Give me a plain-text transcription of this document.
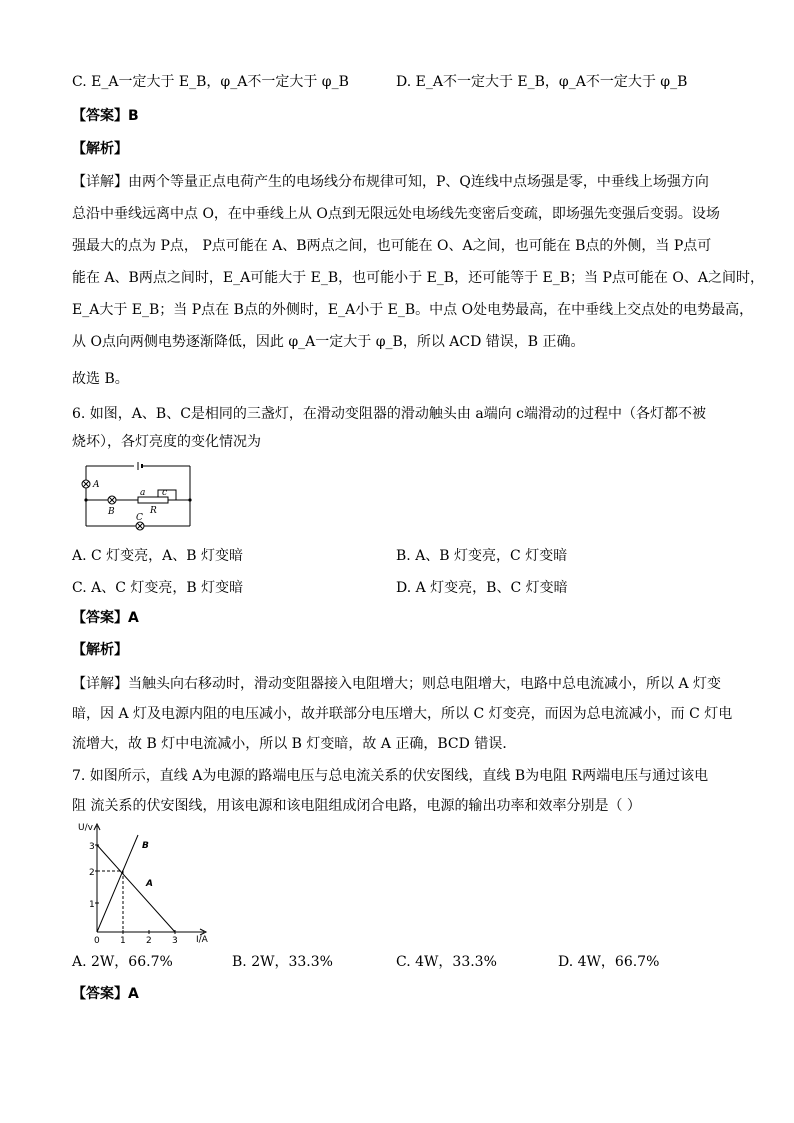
C. E_A一定大于 E_B，φ_A不一定大于 φ_B	D. E_A不一定大于 E_B，φ_A不一定大于 φ_B
【答案】B
【解析】
【详解】由两个等量正点电荷产生的电场线分布规律可知，P、Q连线中点场强是零，中垂线上场强方向
总沿中垂线远离中点 O，在中垂线上从 O点到无限远处电场线先变密后变疏，即场强先变强后变弱。设场
强最大的点为 P点， P点可能在 A、B两点之间，也可能在 O、A之间，也可能在 B点的外侧，当 P点可
能在 A、B两点之间时，E_A可能大于 E_B，也可能小于 E_B，还可能等于 E_B；当 P点可能在 O、A之间时，
E_A大于 E_B；当 P点在 B点的外侧时，E_A小于 E_B。中点 O处电势最高，在中垂线上交点处的电势最高，
从 O点向两侧电势逐渐降低，因此 φ_A一定大于 φ_B，所以 ACD 错误，B 正确。
故选 B。
6. 如图，A、B、C是相同的三盏灯，在滑动变阻器的滑动触头由 a端向 c端滑动的过程中（各灯都不被
烧坏），各灯亮度的变化情况为
A
B
C
a c
R
A. C 灯变亮，A、B 灯变暗	B. A、B 灯变亮，C 灯变暗
C. A、C 灯变亮，B 灯变暗	D. A 灯变亮，B、C 灯变暗
【答案】A
【解析】
【详解】当触头向右移动时，滑动变阻器接入电阻增大；则总电阻增大，电路中总电流减小，所以 A 灯变
暗，因 A 灯及电源内阻的电压减小，故并联部分电压增大，所以 C 灯变亮，而因为总电流减小，而 C 灯电
流增大，故 B 灯中电流减小，所以 B 灯变暗，故 A 正确，BCD 错误．
7. 如图所示，直线 A为电源的路端电压与总电流关系的伏安图线，直线 B为电阻 R两端电压与通过该电
阻 流关系的伏安图线，用该电源和该电阻组成闭合电路，电源的输出功率和效率分别是（ ）
U/v
I/A
1
2
3
0 1 2 3
B
A
A. 2W，66.7%	B. 2W，33.3%	C. 4W，33.3%	D. 4W，66.7%
【答案】A
